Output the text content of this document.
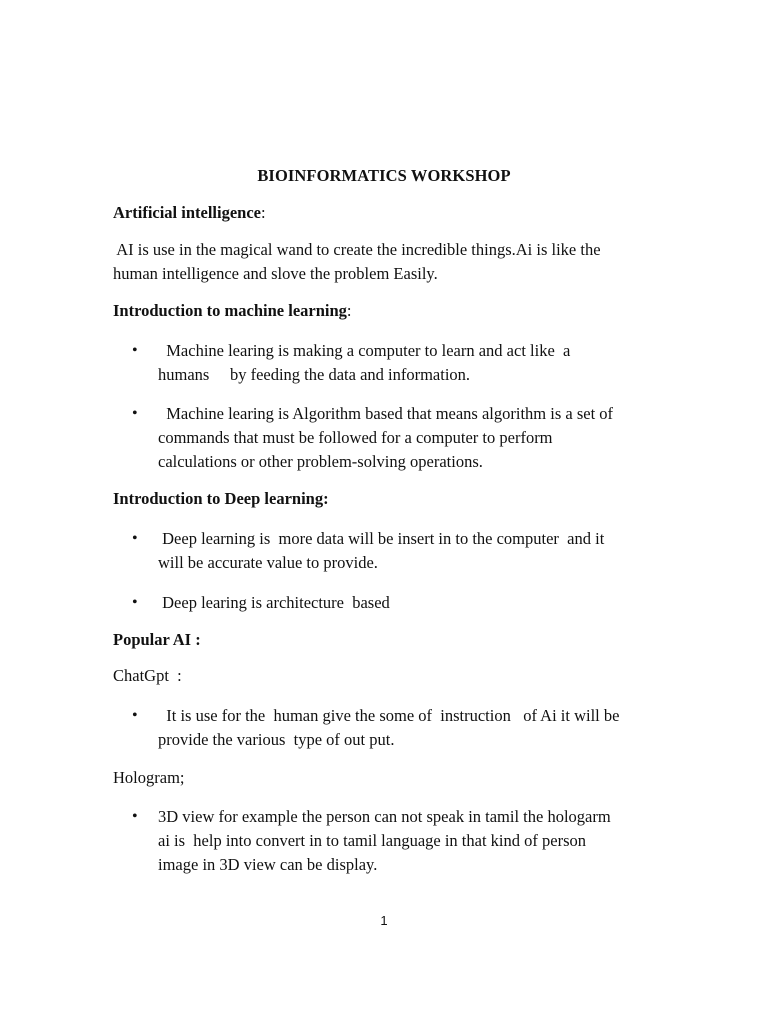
BIOINFORMATICS WORKSHOP
Artificial intelligence:
AI is use in the magical wand to create the incredible things.Ai is like the
human intelligence and slove the problem Easily.
Introduction to machine learning:
• Machine learing is making a computer to learn and act like  a
humans     by feeding the data and information.
• Machine learing is Algorithm based that means algorithm is a set of
commands that must be followed for a computer to perform
calculations or other problem-solving operations.
Introduction to Deep learning:
• Deep learning is  more data will be insert in to the computer  and it
will be accurate value to provide.
• Deep learing is architecture  based
Popular AI :
ChatGpt  :
• It is use for the  human give the some of  instruction   of Ai it will be
provide the various  type of out put.
Hologram;
• 3D view for example the person can not speak in tamil the hologarm
ai is  help into convert in to tamil language in that kind of person
image in 3D view can be display.
1
